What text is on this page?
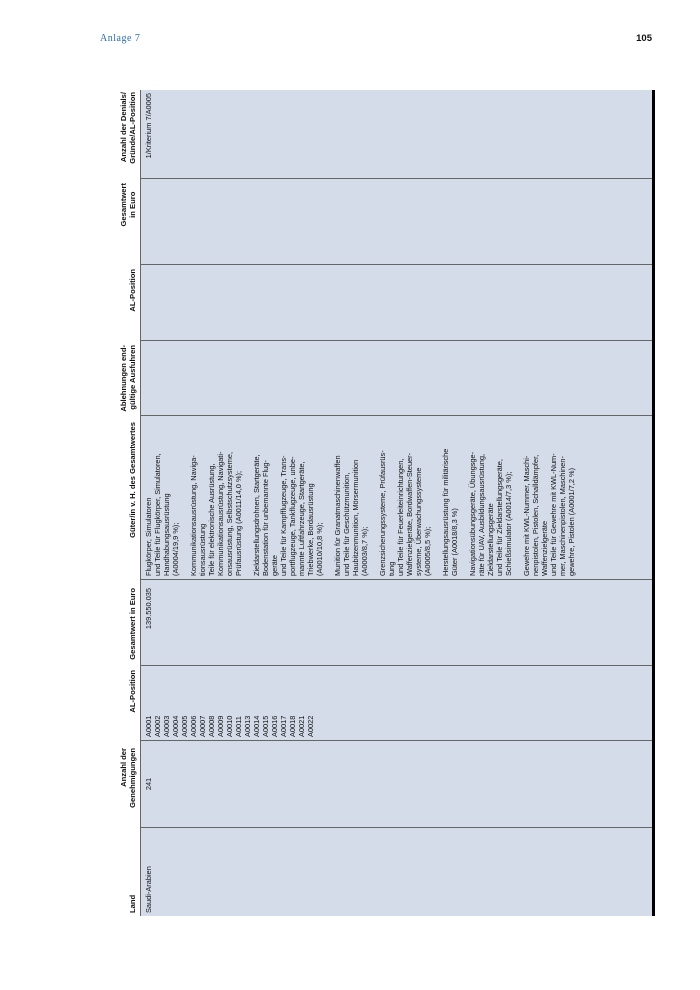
Anlage 7	105
Land
Anzahl der
Genehmigungen
AL-Position
Gesamtwert in Euro
Güter/in v. H. des Gesamtwertes
Ablehnungen end-
gültige Ausfuhren
AL-Position
Gesamtwert
in Euro
Anzahl der Denials/
Gründe/AL-Position
Saudi-Arabien
241
A0001 A0002 A0003 A0004 A0005 A0006 A0007 A0008 A0009 A0010 A0011 A0013 A0014 A0015 A0016 A0017 A0018 A0021 A0022
139.550.035
Flugkörper, Simulatoren und Teile für Flugkörper, Simulatoren, Handhabungsausrüstung (A0004/19,9 %); Kommunikationsausrüstung, Naviga- tionsausrüstung Teile für elektronische Ausrüstung, Kommunikationsausrüstung, Navigati- onsausrüstung, Selbstschutzsysteme, Prüfausrüstung (A0011/14,0 %); Zieldarstellungsdrohnen, Startgeräte, Bodenstation für unbemannte Flug- geräte und Teile für Kampfflugzeuge, Trans- portflugzeuge, Tankflugzeuge, unbe- mannte Luftfahrzeuge, Startgeräte, Triebwerke, Bordausrüstung (A0010/10,8 %); Munition für Granatmaschinenwaffen und Teile für Geschützmunition, Haubitzenmunition, Mörsermunition (A0003/8,7 %); Grenzsicherungssysteme, Prüfausrüs- tung und Teile für Feuerleiteinrichtungen, Waffenzielgeräte, Bordwaffen-Steuer- systeme, Überwachungssysteme (A0005/8,5 %); Herstellungsausrüstung für militärische Güter (A0018/8,3 %) Navigationsübungsgeräte, Übungsge- räte für UAV, Ausbildungsausrüstung, Zieldarstellungsgeräte und Teile für Zieldarstellungsgeräte, Schießsimulator (A0014/7,3 %); Gewehre mit KWL-Nummer, Maschi- nenpistolen, Pistolen, Schalldämpfer, Waffenzielgeräte und Teile für Gewehre mit KWL-Num- mer, Maschinenpistolen, Maschinen- gewehre, Pistolen (A0001/7,2 %)
1/Kriterium 7/A0005
